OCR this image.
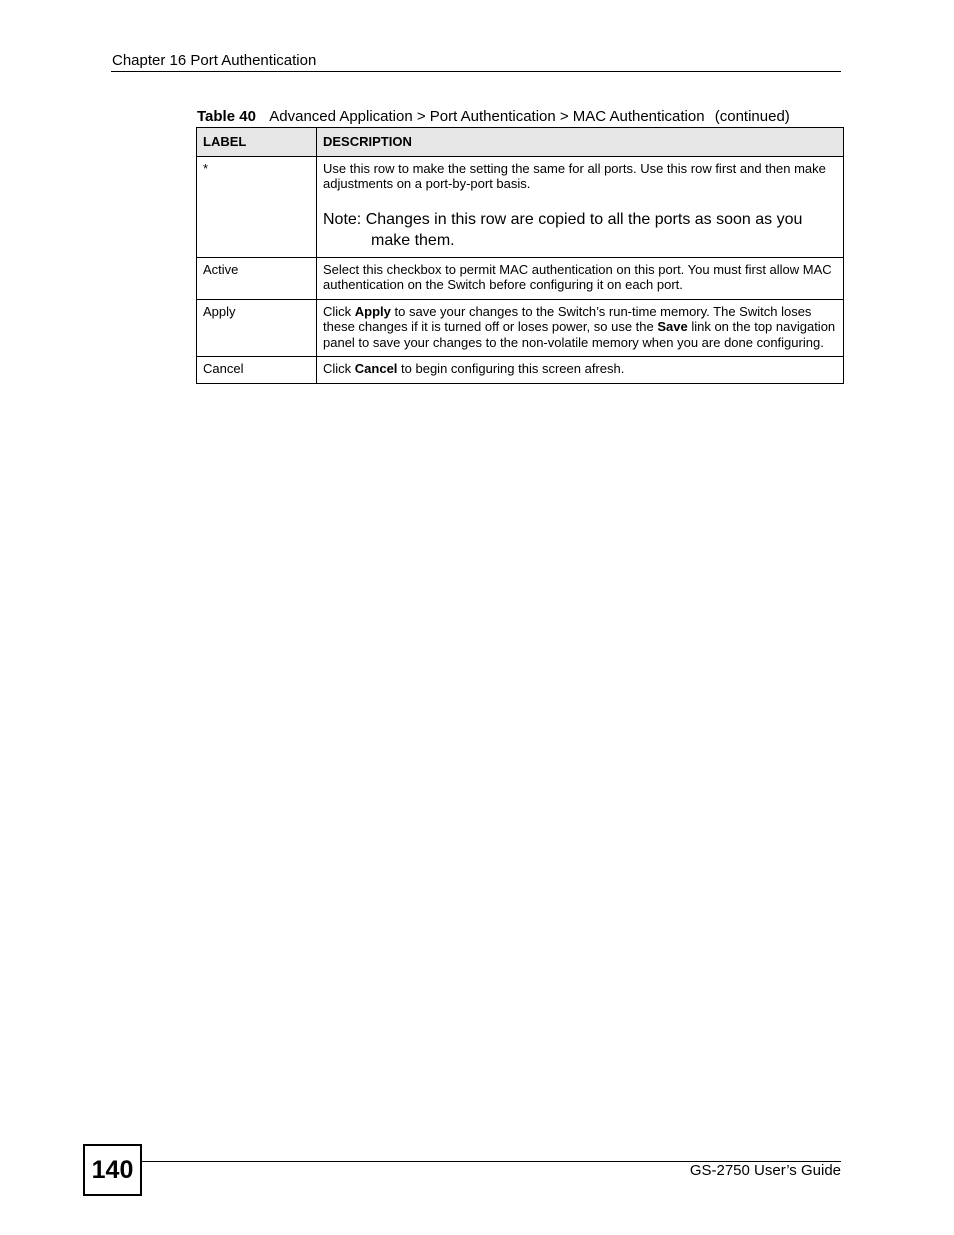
Chapter 16 Port Authentication
Table 40 Advanced Application > Port Authentication > MAC Authentication (continued)
LABEL	DESCRIPTION
*	Use this row to make the setting the same for all ports. Use this row first and then make adjustments on a port-by-port basis.
Note: Changes in this row are copied to all the ports as soon as you make them.

Active	Select this checkbox to permit MAC authentication on this port. You must first allow MAC authentication on the Switch before configuring it on each port.
Apply	Click Apply to save your changes to the Switch’s run-time memory. The Switch loses these changes if it is turned off or loses power, so use the Save link on the top navigation panel to save your changes to the non-volatile memory when you are done configuring.
Cancel	Click Cancel to begin configuring this screen afresh.
140	GS-2750 User’s Guide
